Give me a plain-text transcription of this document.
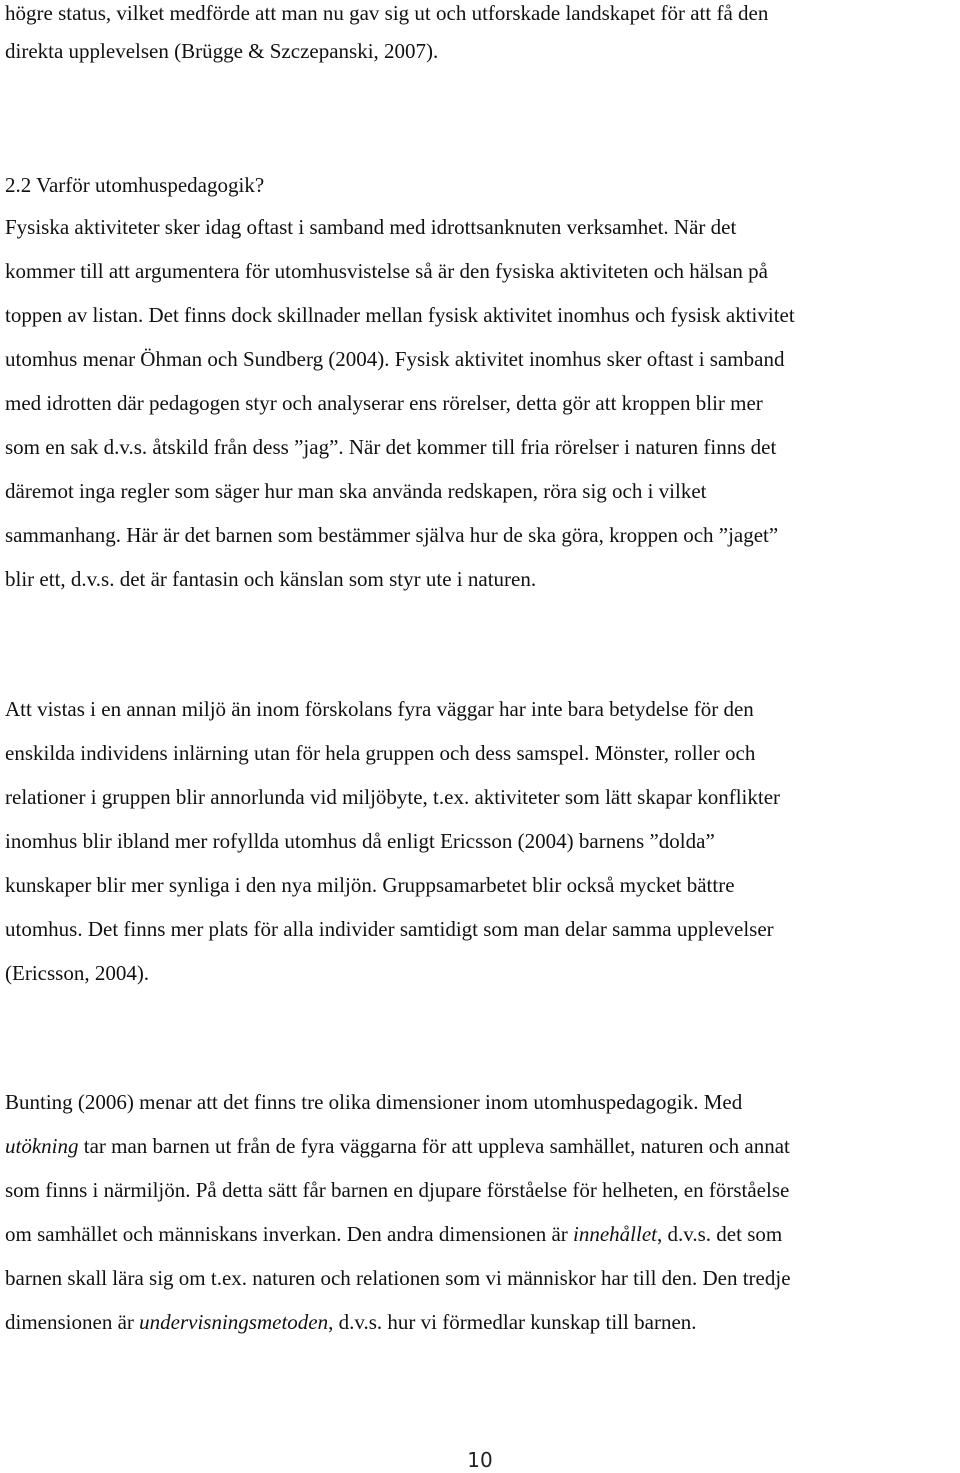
högre status, vilket medförde att man nu gav sig ut och utforskade landskapet för att få den
direkta upplevelsen (Brügge & Szczepanski, 2007).
2.2 Varför utomhuspedagogik?
Fysiska aktiviteter sker idag oftast i samband med idrottsanknuten verksamhet. När det
kommer till att argumentera för utomhusvistelse så är den fysiska aktiviteten och hälsan på
toppen av listan. Det finns dock skillnader mellan fysisk aktivitet inomhus och fysisk aktivitet
utomhus menar Öhman och Sundberg (2004). Fysisk aktivitet inomhus sker oftast i samband
med idrotten där pedagogen styr och analyserar ens rörelser, detta gör att kroppen blir mer
som en sak d.v.s. åtskild från dess ”jag”. När det kommer till fria rörelser i naturen finns det
däremot inga regler som säger hur man ska använda redskapen, röra sig och i vilket
sammanhang. Här är det barnen som bestämmer själva hur de ska göra, kroppen och ”jaget”
blir ett, d.v.s. det är fantasin och känslan som styr ute i naturen.
Att vistas i en annan miljö än inom förskolans fyra väggar har inte bara betydelse för den
enskilda individens inlärning utan för hela gruppen och dess samspel. Mönster, roller och
relationer i gruppen blir annorlunda vid miljöbyte, t.ex. aktiviteter som lätt skapar konflikter
inomhus blir ibland mer rofyllda utomhus då enligt Ericsson (2004) barnens ”dolda”
kunskaper blir mer synliga i den nya miljön. Gruppsamarbetet blir också mycket bättre
utomhus. Det finns mer plats för alla individer samtidigt som man delar samma upplevelser
(Ericsson, 2004).
Bunting (2006) menar att det finns tre olika dimensioner inom utomhuspedagogik. Med
utökning tar man barnen ut från de fyra väggarna för att uppleva samhället, naturen och annat
som finns i närmiljön. På detta sätt får barnen en djupare förståelse för helheten, en förståelse
om samhället och människans inverkan. Den andra dimensionen är innehållet, d.v.s. det som
barnen skall lära sig om t.ex. naturen och relationen som vi människor har till den. Den tredje
dimensionen är undervisningsmetoden, d.v.s. hur vi förmedlar kunskap till barnen.
10
